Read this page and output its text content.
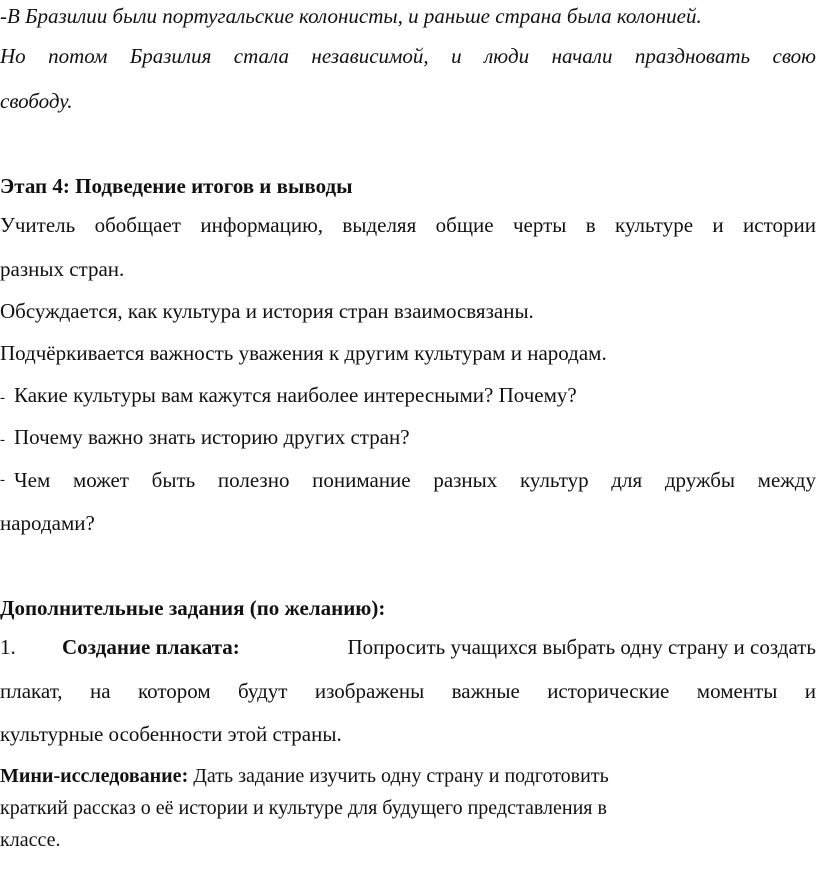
-В Бразилии были португальские колонисты, и раньше страна была колонией.
Но потом Бразилия стала независимой, и люди начали праздновать свою
свободу.
Этап 4: Подведение итогов и выводы
Учитель обобщает информацию, выделяя общие черты в культуре и истории
разных стран.
Обсуждается, как культура и история стран взаимосвязаны.
Подчёркивается важность уважения к другим культурам и народам.
- Какие культуры вам кажутся наиболее интересными? Почему?
- Почему важно знать историю других стран?
- Чем может быть полезно понимание разных культур для дружбы между
народами?
Дополнительные задания (по желанию):
1.	Создание плаката:	Попросить учащихся выбрать одну страну и создать
плакат, на котором будут изображены важные исторические моменты и
культурные особенности этой страны.
Мини-исследование: Дать задание изучить одну страну и подготовить
краткий рассказ о её истории и культуре для будущего представления в
классе.
